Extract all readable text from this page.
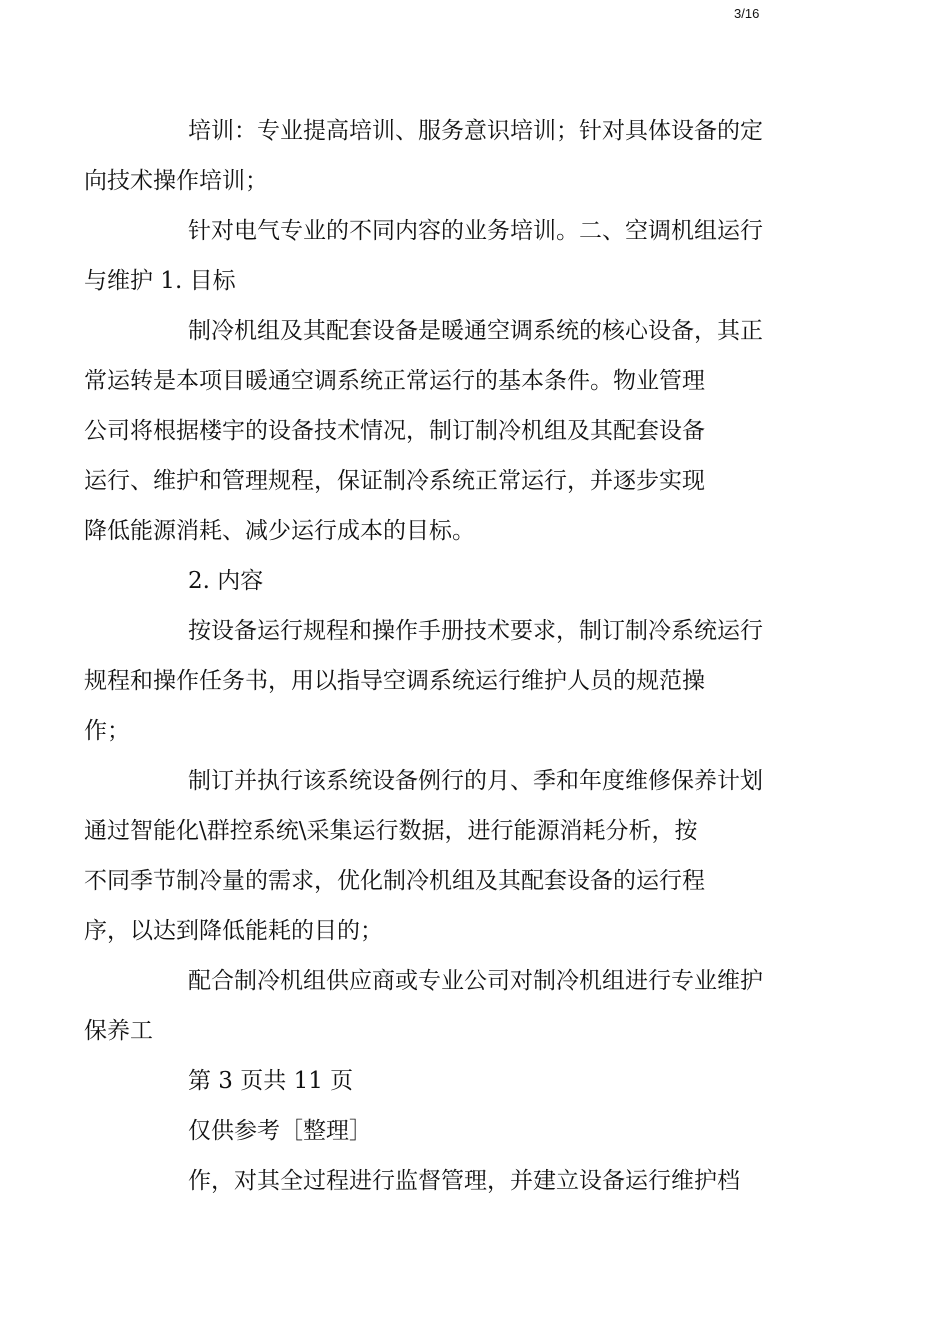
3/16

培训：专业提高培训、服务意识培训；针对具体设备的定
向技术操作培训；

针对电气专业的不同内容的业务培训。二、空调机组运行
与维护 1. 目标

制冷机组及其配套设备是暖通空调系统的核心设备，其正
常运转是本项目暖通空调系统正常运行的基本条件。物业管理
公司将根据楼宇的设备技术情况，制订制冷机组及其配套设备
运行、维护和管理规程，保证制冷系统正常运行，并逐步实现
降低能源消耗、减少运行成本的目标。

2. 内容

按设备运行规程和操作手册技术要求，制订制冷系统运行
规程和操作任务书，用以指导空调系统运行维护人员的规范操
作；

制订并执行该系统设备例行的月、季和年度维修保养计划
通过智能化\群控系统\采集运行数据，进行能源消耗分析，按
不同季节制冷量的需求，优化制冷机组及其配套设备的运行程
序，以达到降低能耗的目的；

配合制冷机组供应商或专业公司对制冷机组进行专业维护
保养工

第 3 页共 11 页

仅供参考［整理］

作，对其全过程进行监督管理，并建立设备运行维护档
